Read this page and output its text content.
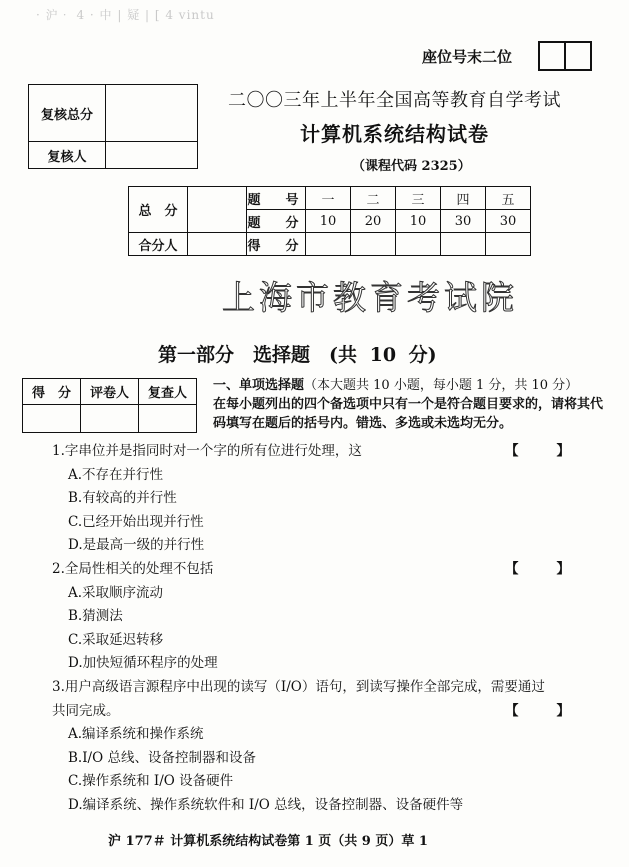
· 沪‧ 4 · 中 | 疑 | [ 4 vintu
座位号末二位
复核总分	
复核人	
二〇〇三年上半年全国高等教育自学考试
计算机系统结构试卷
（课程代码 2325）
总　分		题　号	一	二	三	四	五
		题　分	10	20	10	30	30
合分人		得　分					
上海市教育考试院
第一部分　选择题　(共 10 分)
得　分	评卷人	复查人

一、单项选择题（本大题共 10 小题，每小题 1 分，共 10 分）
在每小题列出的四个备选项中只有一个是符合题目要求的，请将其代码填写在题后的括号内。错选、多选或未选均无分。
【】
1.字串位并是指同时对一个字的所有位进行处理，这
A.不存在并行性
B.有较高的并行性
C.已经开始出现并行性
D.是最高一级的并行性
【】
2.全局性相关的处理不包括
A.采取顺序流动
B.猜测法
C.采取延迟转移
D.加快短循环程序的处理
3.用户高级语言源程序中出现的读写（I/O）语句，到读写操作全部完成，需要通过
共同完成。	【】
A.编译系统和操作系统
B.I/O 总线、设备控制器和设备
C.操作系统和 I/O 设备硬件
D.编译系统、操作系统软件和 I/O 总线，设备控制器、设备硬件等
沪 177＃ 计算机系统结构试卷第 1 页（共 9 页）草 1
